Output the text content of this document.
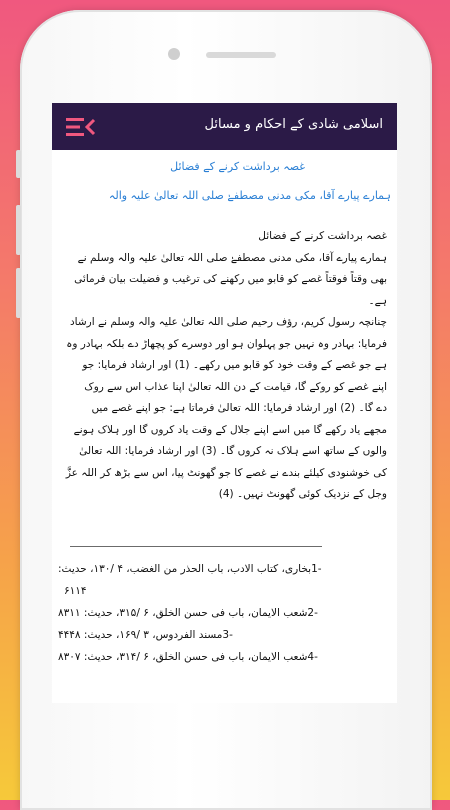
اسلامی شادی کے احکام و مسائل
غصہ برداشت کرنے کے فضائل
ہمارے پیارے آقا، مکی مدنی مصطفےٰ صلی اللہ تعالیٰ علیہ والہ

غصہ برداشت کرنے کے فضائل

ہمارے پیارے آقا، مکی مدنی مصطفےٰ صلی اللہ تعالیٰ علیہ والہ وسلم نے

بھی وقتاً فوقتاً غصے کو قابو میں رکھنے کی ترغیب و فضیلت بیان فرمائی ہے۔

چنانچہ رسول کریم، رؤف رحیم صلی اللہ تعالیٰ علیہ والہ وسلم نے ارشاد

فرمایا: بہادر وہ نہیں جو پہلوان ہو اور دوسرے کو پچھاڑ دے بلکہ بہادر وہ

ہے جو غصے کے وقت خود کو قابو میں رکھے۔ (1) اور ارشاد فرمایا: جو

اپنے غصے کو روکے گا، قیامت کے دن اللہ تعالیٰ اپنا عذاب اس سے روک

دے گا۔ (2) اور ارشاد فرمایا: اللہ تعالیٰ فرماتا ہے: جو اپنے غصے میں

مجھے یاد رکھے گا میں اسے اپنے جلال کے وقت یاد کروں گا اور ہلاک ہونے

والوں کے ساتھ اسے ہلاک نہ کروں گا۔ (3) اور ارشاد فرمایا: اللہ تعالیٰ

کی خوشنودی کیلئے بندے نے غصے کا جو گھونٹ پیا، اس سے بڑھ کر اللہ عزَّ

وجل کے نزدیک کوئی گھونٹ نہیں۔ (4)

1-بخاری، کتاب الادب، باب الحذر من الغضب، ۴ /۱۳۰، حدیث:
۶۱۱۴
2-شعب الایمان، باب فی حسن الخلق، ۶ /۳۱۵، حدیث: ۸۳۱۱
3-مسند الفردوس، ۳ /۱۶۹، حدیث: ۴۴۴۸
4-شعب الایمان، باب فی حسن الخلق، ۶ /۳۱۴، حدیث: ۸۳۰۷
